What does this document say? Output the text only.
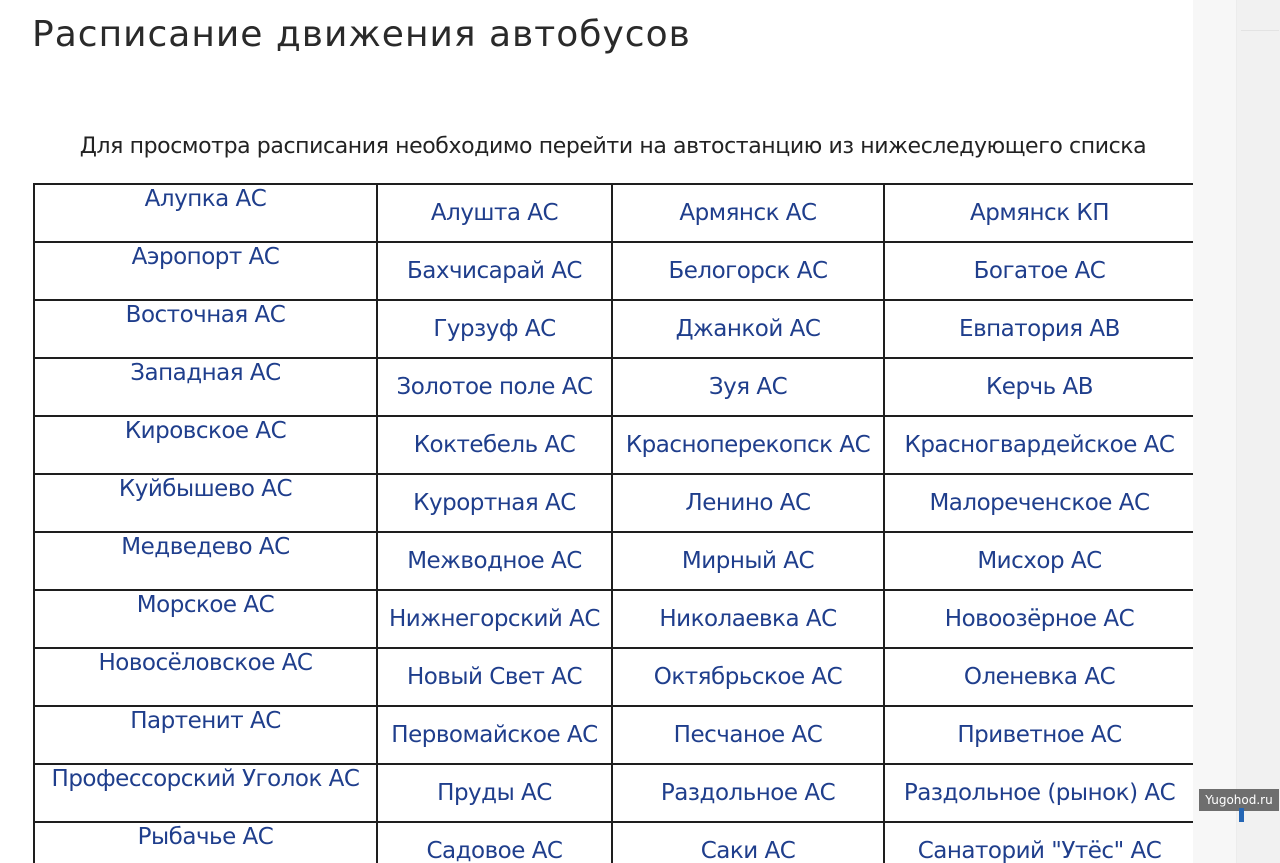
Расписание движения автобусов
Для просмотра расписания необходимо перейти на автостанцию из нижеследующего списка
Алупка АС	Алушта АС	Армянск АС	Армянск КП
Аэропорт АС	Бахчисарай АС	Белогорск АС	Богатое АС
Восточная АС	Гурзуф АС	Джанкой АС	Евпатория АВ
Западная АС	Золотое поле АС	Зуя АС	Керчь АВ
Кировское АС	Коктебель АС	Красноперекопск АС	Красногвардейское АС
Куйбышево АС	Курортная АС	Ленино АС	Малореченское АС
Медведево АС	Межводное АС	Мирный АС	Мисхор АС
Морское АС	Нижнегорский АС	Николаевка АС	Новоозёрное АС
Новосёловское АС	Новый Свет АС	Октябрьское АС	Оленевка АС
Партенит АС	Первомайское АС	Песчаное АС	Приветное АС
Профессорский Уголок АС	Пруды АС	Раздольное АС	Раздольное (рынок) АС
Рыбачье АС	Садовое АС	Саки АС	Санаторий "Утёс" АС
Yugohod.ru
